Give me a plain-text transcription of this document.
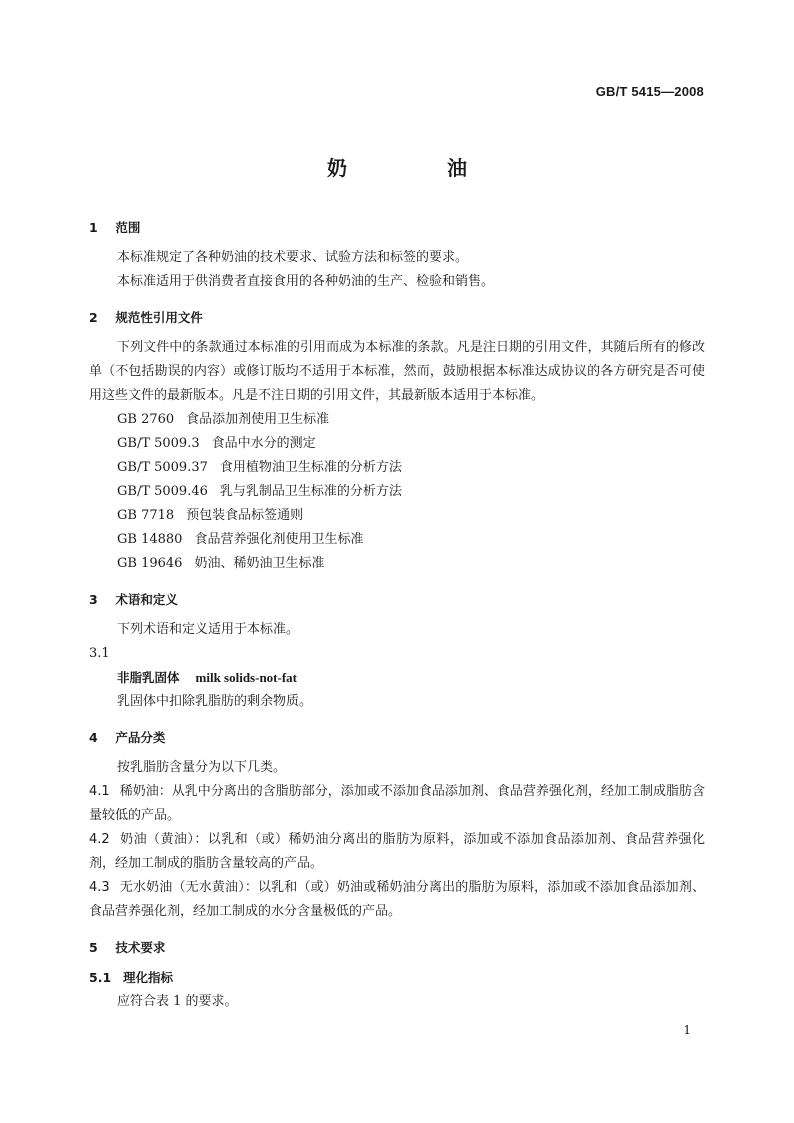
GB/T 5415—2008
奶　油

1 范围

本标准规定了各种奶油的技术要求、试验方法和标签的要求。

本标准适用于供消费者直接食用的各种奶油的生产、检验和销售。

2 规范性引用文件

下列文件中的条款通过本标准的引用而成为本标准的条款。凡是注日期的引用文件，其随后所有的修改单（不包括勘误的内容）或修订版均不适用于本标准，然而，鼓励根据本标准达成协议的各方研究是否可使用这些文件的最新版本。凡是不注日期的引用文件，其最新版本适用于本标准。

GB 2760 食品添加剂使用卫生标准

GB/T 5009.3 食品中水分的测定

GB/T 5009.37 食用植物油卫生标准的分析方法

GB/T 5009.46 乳与乳制品卫生标准的分析方法

GB 7718 预包装食品标签通则

GB 14880 食品营养强化剂使用卫生标准

GB 19646 奶油、稀奶油卫生标准

3 术语和定义

下列术语和定义适用于本标准。

3.1

非脂乳固体 milk solids-not-fat

乳固体中扣除乳脂肪的剩余物质。

4 产品分类

按乳脂肪含量分为以下几类。

4.1 稀奶油：从乳中分离出的含脂肪部分，添加或不添加食品添加剂、食品营养强化剂，经加工制成脂肪含量较低的产品。

4.2 奶油（黄油）：以乳和（或）稀奶油分离出的脂肪为原料，添加或不添加食品添加剂、食品营养强化剂，经加工制成的脂肪含量较高的产品。

4.3 无水奶油（无水黄油）：以乳和（或）奶油或稀奶油分离出的脂肪为原料，添加或不添加食品添加剂、食品营养强化剂，经加工制成的水分含量极低的产品。

5 技术要求

5.1 理化指标

应符合表 1 的要求。

1
